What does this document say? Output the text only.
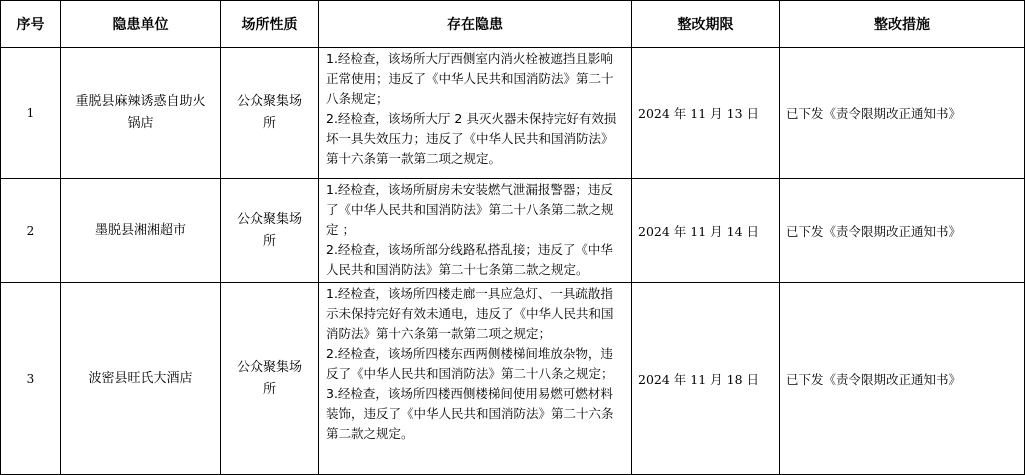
序号	隐患单位	场所性质	存在隐患	整改期限	整改措施
1	重脱县麻辣诱惑自助火锅店	公众聚集场所	1.经检查，该场所大厅西侧室内消火栓被遮挡且影响正常使用；违反了《中华人民共和国消防法》第二十八条规定；
2.经检查，该场所大厅 2 具灭火器未保持完好有效损坏一具失效压力；违反了《中华人民共和国消防法》第十六条第一款第二项之规定。	2024 年 11 月 13 日	已下发《责令限期改正通知书》
2	墨脱县湘湘超市	公众聚集场所	1.经检查，该场所厨房未安装燃气泄漏报警器；违反了《中华人民共和国消防法》第二十八条第二款之规定 ；
2.经检查，该场所部分线路私搭乱接；违反了《中华人民共和国消防法》第二十七条第二款之规定。	2024 年 11 月 14 日	已下发《责令限期改正通知书》
3	波密县旺氏大酒店	公众聚集场所	1.经检查，该场所四楼走廊一具应急灯、一具疏散指示未保持完好有效未通电，违反了《中华人民共和国消防法》第十六条第一款第二项之规定；
2.经检查，该场所四楼东西两侧楼梯间堆放杂物，违反了《中华人民共和国消防法》第二十八条之规定；
3.经检查，该场所四楼西侧楼梯间使用易燃可燃材料装饰，违反了《中华人民共和国消防法》第二十六条第二款之规定。	2024 年 11 月 18 日	已下发《责令限期改正通知书》
